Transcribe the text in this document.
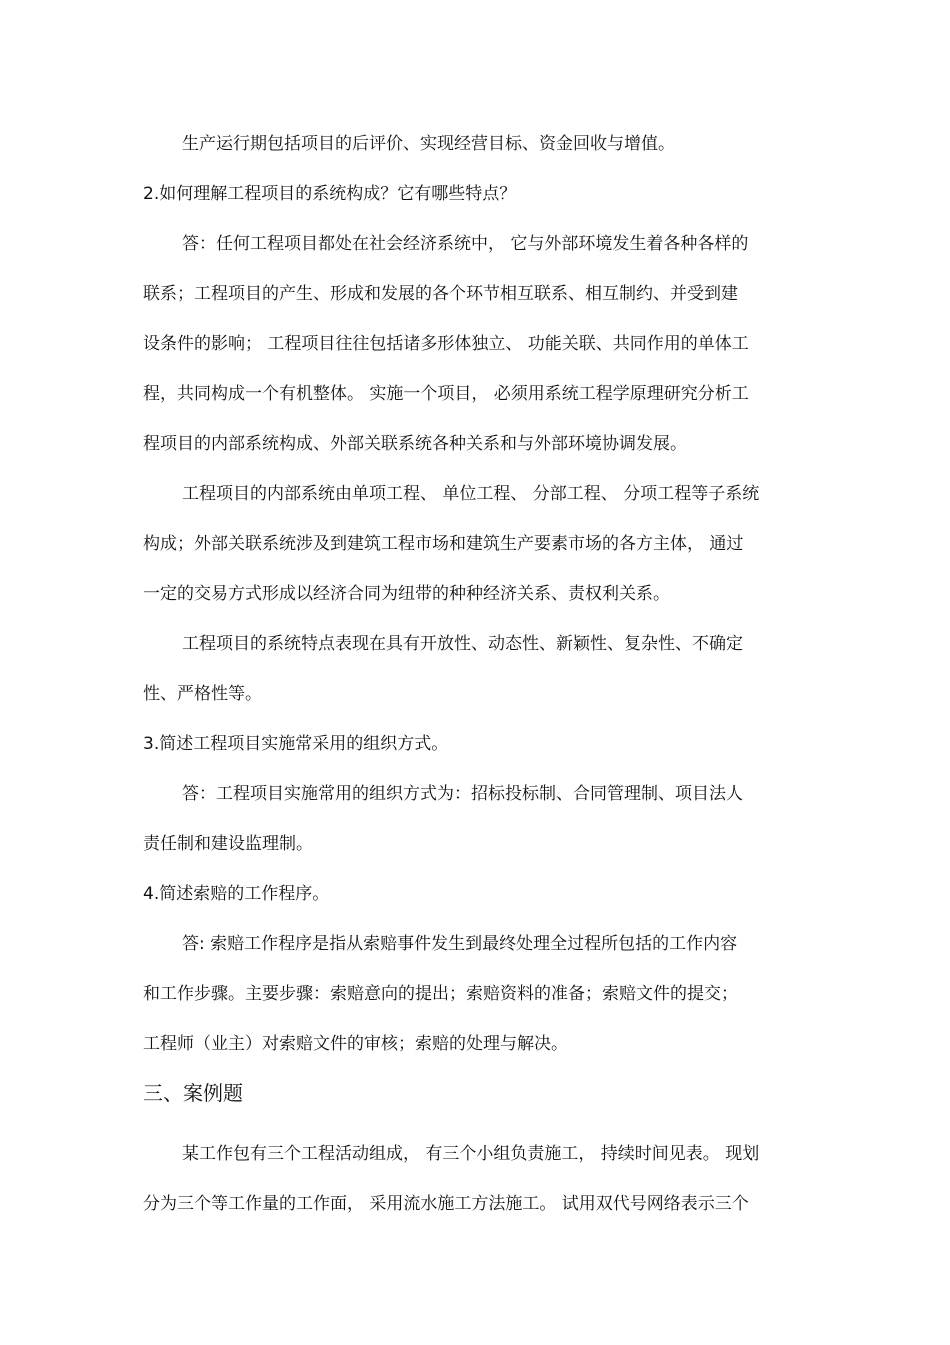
生产运行期包括项目的后评价、实现经营目标、资金回收与增值。

2.如何理解工程项目的系统构成？它有哪些特点？

答：任何工程项目都处在社会经济系统中， 它与外部环境发生着各种各样的

联系；工程项目的产生、形成和发展的各个环节相互联系、相互制约、并受到建

设条件的影响； 工程项目往往包括诸多形体独立、 功能关联、共同作用的单体工

程，共同构成一个有机整体。 实施一个项目， 必须用系统工程学原理研究分析工

程项目的内部系统构成、外部关联系统各种关系和与外部环境协调发展。

工程项目的内部系统由单项工程、 单位工程、 分部工程、 分项工程等子系统

构成；外部关联系统涉及到建筑工程市场和建筑生产要素市场的各方主体， 通过

一定的交易方式形成以经济合同为纽带的种种经济关系、责权利关系。

工程项目的系统特点表现在具有开放性、动态性、新颖性、复杂性、不确定

性、严格性等。

3.简述工程项目实施常采用的组织方式。

答：工程项目实施常用的组织方式为：招标投标制、合同管理制、项目法人

责任制和建设监理制。

4.简述索赔的工作程序。

答: 索赔工作程序是指从索赔事件发生到最终处理全过程所包括的工作内容

和工作步骤。主要步骤：索赔意向的提出；索赔资料的准备；索赔文件的提交；

工程师（业主）对索赔文件的审核；索赔的处理与解决。

三、案例题

某工作包有三个工程活动组成， 有三个小组负责施工， 持续时间见表。 现划

分为三个等工作量的工作面， 采用流水施工方法施工。 试用双代号网络表示三个
